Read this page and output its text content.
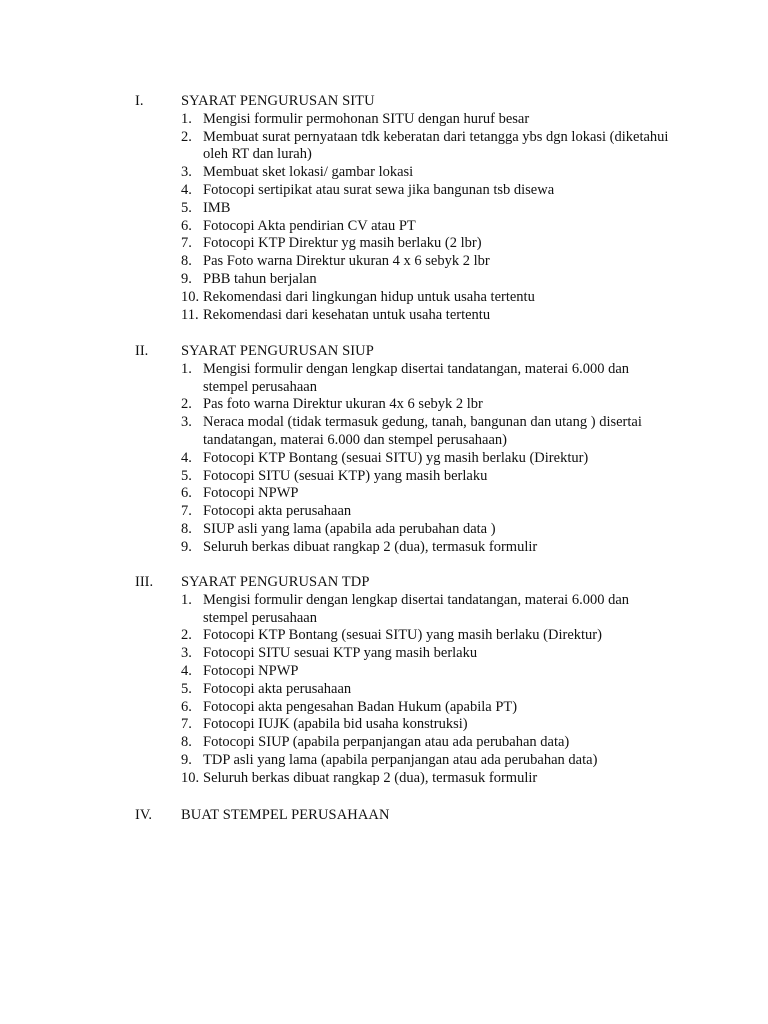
I.	SYARAT PENGURUSAN SITU
1. Mengisi formulir permohonan SITU dengan huruf besar
2. Membuat surat pernyataan tdk keberatan dari tetangga ybs dgn lokasi (diketahui oleh RT dan lurah)
3. Membuat sket lokasi/ gambar lokasi
4. Fotocopi sertipikat atau surat sewa jika bangunan tsb disewa
5. IMB
6. Fotocopi Akta pendirian CV atau PT
7. Fotocopi KTP Direktur yg masih berlaku (2 lbr)
8. Pas Foto warna Direktur ukuran 4 x 6 sebyk 2 lbr
9. PBB tahun berjalan
10. Rekomendasi dari lingkungan hidup untuk usaha tertentu
11. Rekomendasi dari kesehatan untuk usaha tertentu
II. SYARAT PENGURUSAN SIUP
1. Mengisi formulir dengan lengkap disertai tandatangan, materai 6.000 dan stempel perusahaan
2. Pas foto warna Direktur ukuran 4x 6 sebyk 2 lbr
3. Neraca modal (tidak termasuk gedung, tanah, bangunan dan utang ) disertai tandatangan, materai 6.000 dan stempel perusahaan)
4. Fotocopi KTP Bontang (sesuai SITU) yg masih berlaku (Direktur)
5. Fotocopi SITU (sesuai KTP) yang masih berlaku
6. Fotocopi NPWP
7. Fotocopi akta perusahaan
8. SIUP asli yang lama (apabila ada perubahan data )
9. Seluruh berkas dibuat rangkap 2 (dua), termasuk formulir
III. SYARAT PENGURUSAN TDP
1. Mengisi formulir dengan lengkap disertai tandatangan, materai 6.000 dan stempel perusahaan
2. Fotocopi KTP Bontang (sesuai SITU) yang masih berlaku (Direktur)
3. Fotocopi SITU sesuai KTP yang masih berlaku
4. Fotocopi NPWP
5. Fotocopi akta perusahaan
6. Fotocopi akta pengesahan Badan Hukum (apabila PT)
7. Fotocopi IUJK (apabila bid usaha konstruksi)
8. Fotocopi SIUP (apabila perpanjangan atau ada perubahan data)
9. TDP asli yang lama (apabila perpanjangan atau ada perubahan data)
10. Seluruh berkas dibuat rangkap 2 (dua), termasuk formulir
IV. BUAT STEMPEL PERUSAHAAN
